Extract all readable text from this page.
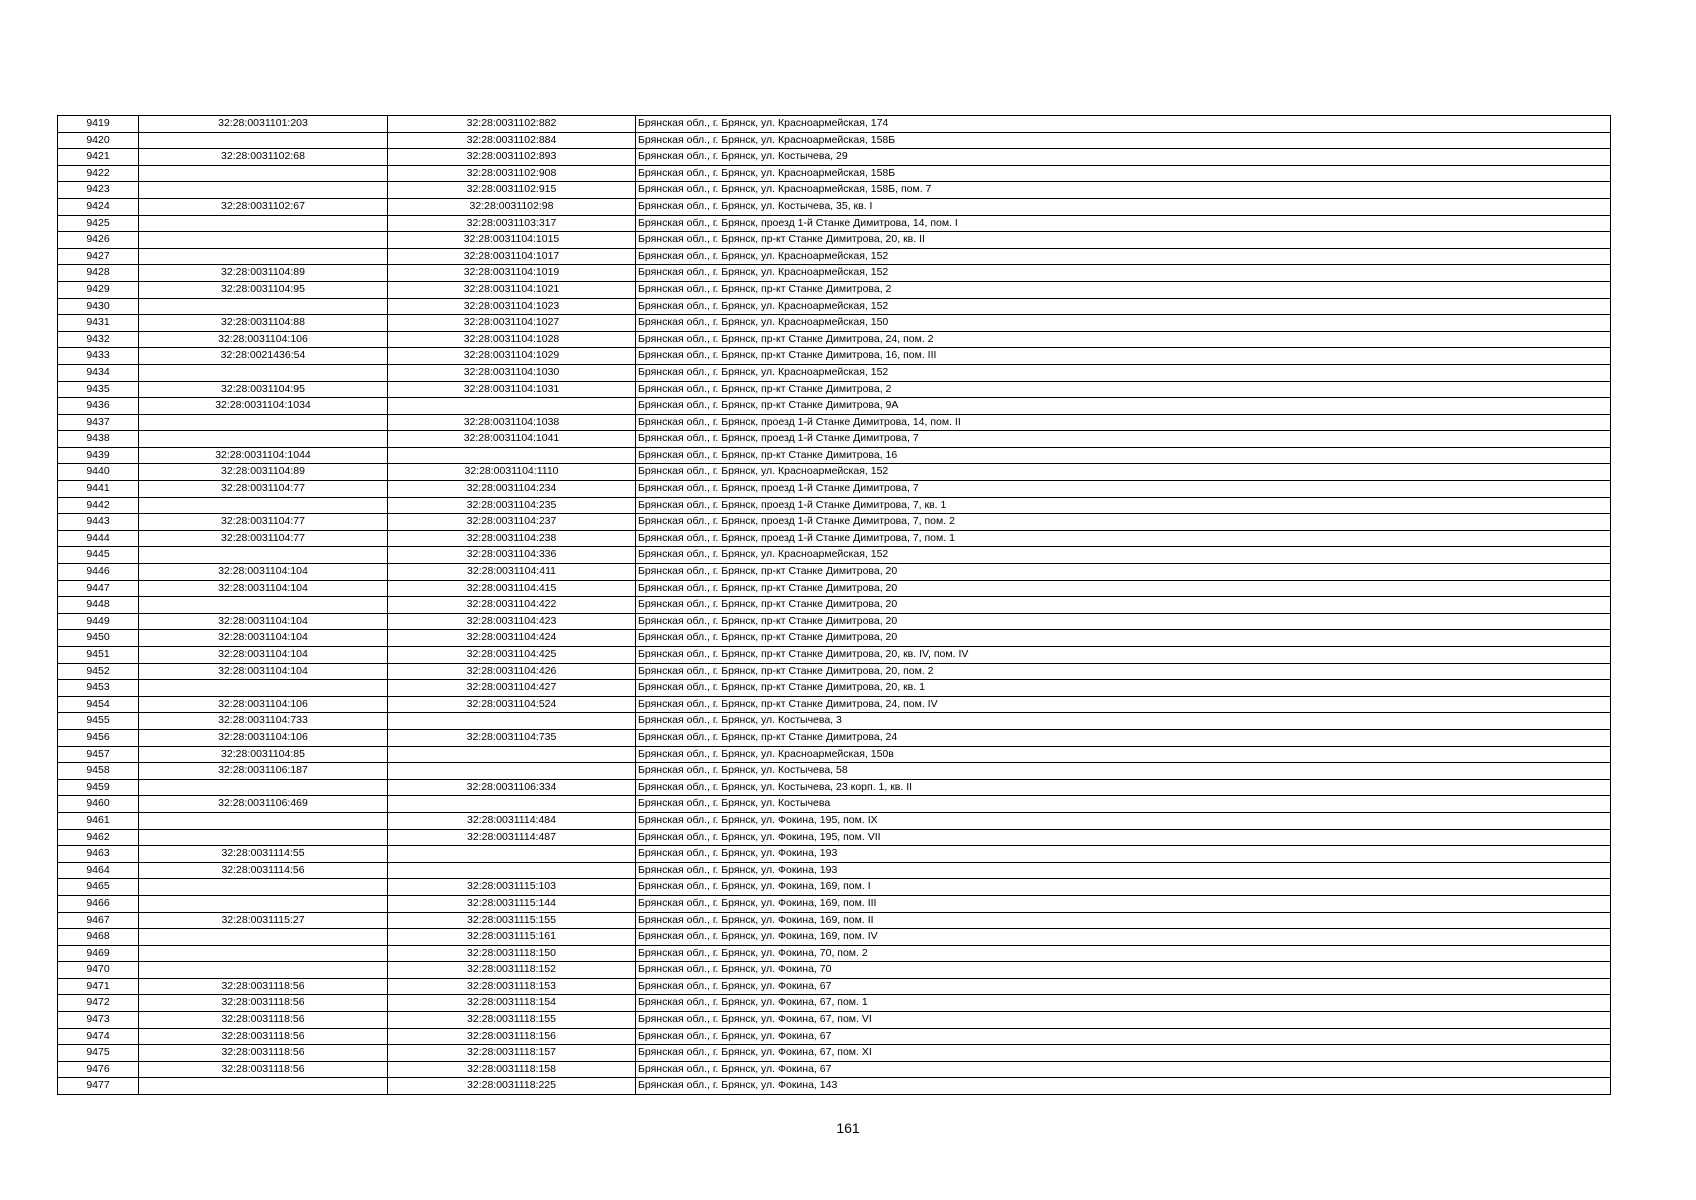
9419	32:28:0031101:203	32:28:0031102:882	Брянская обл., г. Брянск, ул. Красноармейская, 174
9420		32:28:0031102:884	Брянская обл., г. Брянск, ул. Красноармейская, 158Б
9421	32:28:0031102:68	32:28:0031102:893	Брянская обл., г. Брянск, ул. Костычева, 29
9422		32:28:0031102:908	Брянская обл., г. Брянск, ул. Красноармейская, 158Б
9423		32:28:0031102:915	Брянская обл., г. Брянск, ул. Красноармейская, 158Б, пом. 7
9424	32:28:0031102:67	32:28:0031102:98	Брянская обл., г. Брянск, ул. Костычева, 35, кв. I
9425		32:28:0031103:317	Брянская обл., г. Брянск, проезд 1-й Станке Димитрова, 14, пом. I
9426		32:28:0031104:1015	Брянская обл., г. Брянск, пр-кт Станке Димитрова, 20, кв. II
9427		32:28:0031104:1017	Брянская обл., г. Брянск, ул. Красноармейская, 152
9428	32:28:0031104:89	32:28:0031104:1019	Брянская обл., г. Брянск, ул. Красноармейская, 152
9429	32:28:0031104:95	32:28:0031104:1021	Брянская обл., г. Брянск, пр-кт Станке Димитрова, 2
9430		32:28:0031104:1023	Брянская обл., г. Брянск, ул. Красноармейская, 152
9431	32:28:0031104:88	32:28:0031104:1027	Брянская обл., г. Брянск, ул. Красноармейская, 150
9432	32:28:0031104:106	32:28:0031104:1028	Брянская обл., г. Брянск, пр-кт Станке Димитрова, 24, пом. 2
9433	32:28:0021436:54	32:28:0031104:1029	Брянская обл., г. Брянск, пр-кт Станке Димитрова, 16, пом. III
9434		32:28:0031104:1030	Брянская обл., г. Брянск, ул. Красноармейская, 152
9435	32:28:0031104:95	32:28:0031104:1031	Брянская обл., г. Брянск, пр-кт Станке Димитрова, 2
9436	32:28:0031104:1034		Брянская обл., г. Брянск, пр-кт Станке Димитрова, 9А
9437		32:28:0031104:1038	Брянская обл., г. Брянск, проезд 1-й Станке Димитрова, 14, пом. II
9438		32:28:0031104:1041	Брянская обл., г. Брянск, проезд 1-й Станке Димитрова, 7
9439	32:28:0031104:1044		Брянская обл., г. Брянск, пр-кт Станке Димитрова, 16
9440	32:28:0031104:89	32:28:0031104:1110	Брянская обл., г. Брянск, ул. Красноармейская, 152
9441	32:28:0031104:77	32:28:0031104:234	Брянская обл., г. Брянск, проезд 1-й Станке Димитрова, 7
9442		32:28:0031104:235	Брянская обл., г. Брянск, проезд 1-й Станке Димитрова, 7, кв. 1
9443	32:28:0031104:77	32:28:0031104:237	Брянская обл., г. Брянск, проезд 1-й Станке Димитрова, 7, пом. 2
9444	32:28:0031104:77	32:28:0031104:238	Брянская обл., г. Брянск, проезд 1-й Станке Димитрова, 7, пом. 1
9445		32:28:0031104:336	Брянская обл., г. Брянск, ул. Красноармейская, 152
9446	32:28:0031104:104	32:28:0031104:411	Брянская обл., г. Брянск, пр-кт Станке Димитрова, 20
9447	32:28:0031104:104	32:28:0031104:415	Брянская обл., г. Брянск, пр-кт Станке Димитрова, 20
9448		32:28:0031104:422	Брянская обл., г. Брянск, пр-кт Станке Димитрова, 20
9449	32:28:0031104:104	32:28:0031104:423	Брянская обл., г. Брянск, пр-кт Станке Димитрова, 20
9450	32:28:0031104:104	32:28:0031104:424	Брянская обл., г. Брянск, пр-кт Станке Димитрова, 20
9451	32:28:0031104:104	32:28:0031104:425	Брянская обл., г. Брянск, пр-кт Станке Димитрова, 20, кв. IV, пом. IV
9452	32:28:0031104:104	32:28:0031104:426	Брянская обл., г. Брянск, пр-кт Станке Димитрова, 20, пом. 2
9453		32:28:0031104:427	Брянская обл., г. Брянск, пр-кт Станке Димитрова, 20, кв. 1
9454	32:28:0031104:106	32:28:0031104:524	Брянская обл., г. Брянск, пр-кт Станке Димитрова, 24, пом. IV
9455	32:28:0031104:733		Брянская обл., г. Брянск, ул. Костычева, 3
9456	32:28:0031104:106	32:28:0031104:735	Брянская обл., г. Брянск, пр-кт Станке Димитрова, 24
9457	32:28:0031104:85		Брянская обл., г. Брянск, ул. Красноармейская, 150в
9458	32:28:0031106:187		Брянская обл., г. Брянск, ул. Костычева, 58
9459		32:28:0031106:334	Брянская обл., г. Брянск, ул. Костычева, 23 корп. 1, кв. II
9460	32:28:0031106:469		Брянская обл., г. Брянск, ул. Костычева
9461		32:28:0031114:484	Брянская обл., г. Брянск, ул. Фокина, 195, пом. IX
9462		32:28:0031114:487	Брянская обл., г. Брянск, ул. Фокина, 195, пом. VII
9463	32:28:0031114:55		Брянская обл., г. Брянск, ул. Фокина, 193
9464	32:28:0031114:56		Брянская обл., г. Брянск, ул. Фокина, 193
9465		32:28:0031115:103	Брянская обл., г. Брянск, ул. Фокина, 169, пом. I
9466		32:28:0031115:144	Брянская обл., г. Брянск, ул. Фокина, 169, пом. III
9467	32:28:0031115:27	32:28:0031115:155	Брянская обл., г. Брянск, ул. Фокина, 169, пом. II
9468		32:28:0031115:161	Брянская обл., г. Брянск, ул. Фокина, 169, пом. IV
9469		32:28:0031118:150	Брянская обл., г. Брянск, ул. Фокина, 70, пом. 2
9470		32:28:0031118:152	Брянская обл., г. Брянск, ул. Фокина, 70
9471	32:28:0031118:56	32:28:0031118:153	Брянская обл., г. Брянск, ул. Фокина, 67
9472	32:28:0031118:56	32:28:0031118:154	Брянская обл., г. Брянск, ул. Фокина, 67, пом. 1
9473	32:28:0031118:56	32:28:0031118:155	Брянская обл., г. Брянск, ул. Фокина, 67, пом. VI
9474	32:28:0031118:56	32:28:0031118:156	Брянская обл., г. Брянск, ул. Фокина, 67
9475	32:28:0031118:56	32:28:0031118:157	Брянская обл., г. Брянск, ул. Фокина, 67, пом. XI
9476	32:28:0031118:56	32:28:0031118:158	Брянская обл., г. Брянск, ул. Фокина, 67
9477		32:28:0031118:225	Брянская обл., г. Брянск, ул. Фокина, 143
161
